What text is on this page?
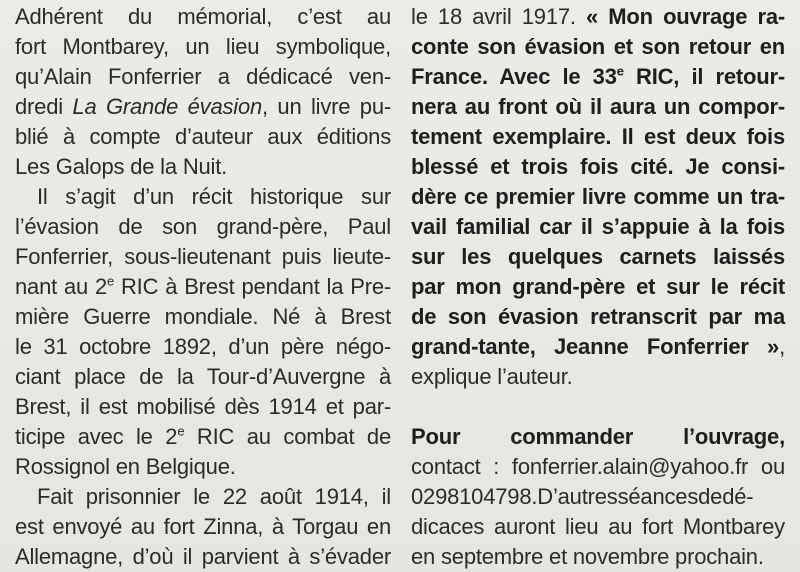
Adhérent du mémorial, c’est au
fort Montbarey, un lieu symbolique,
qu’Alain Fonferrier a dédicacé ven-
dredi La Grande évasion, un livre pu-
blié à compte d’auteur aux éditions
Les Galops de la Nuit.
Il s’agit d’un récit historique sur
l’évasion de son grand-père, Paul
Fonferrier, sous-lieutenant puis lieute-
nant au 2e RIC à Brest pendant la Pre-
mière Guerre mondiale. Né à Brest
le 31 octobre 1892, d’un père négo-
ciant place de la Tour-d’Auvergne à
Brest, il est mobilisé dès 1914 et par-
ticipe avec le 2e RIC au combat de
Rossignol en Belgique.
Fait prisonnier le 22 août 1914, il
est envoyé au fort Zinna, à Torgau en
Allemagne, d’où il parvient à s’évader
le 18 avril 1917. « Mon ouvrage ra-
conte son évasion et son retour en
France. Avec le 33e RIC, il retour-
nera au front où il aura un compor-
tement exemplaire. Il est deux fois
blessé et trois fois cité. Je consi-
dère ce premier livre comme un tra-
vail familial car il s’appuie à la fois
sur les quelques carnets laissés
par mon grand-père et sur le récit
de son évasion retranscrit par ma
grand-tante, Jeanne Fonferrier »,
explique l’auteur.
Pour commander l’ouvrage,
contact : fonferrier.alain@yahoo.fr ou
0298104798.D’autresséancesdedé-
dicaces auront lieu au fort Montbarey
en septembre et novembre prochain.
